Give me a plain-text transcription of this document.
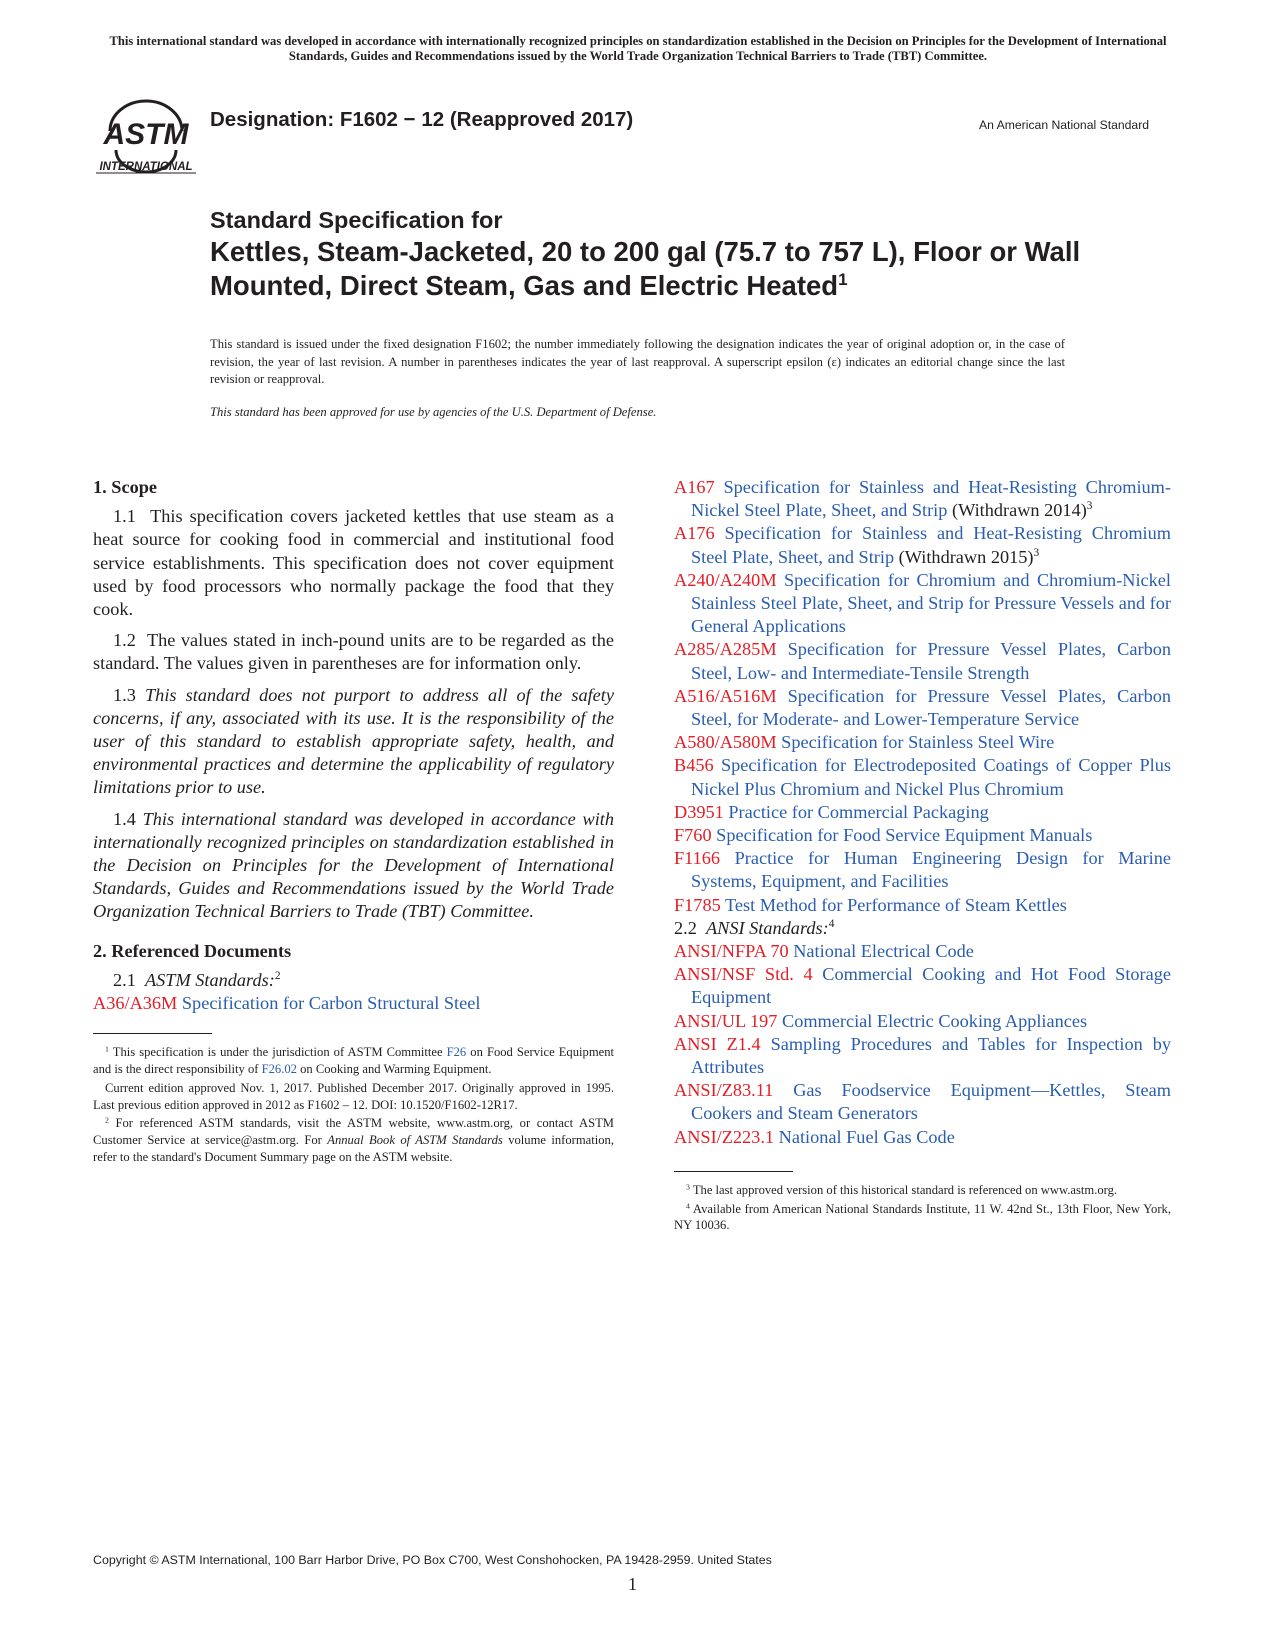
This international standard was developed in accordance with internationally recognized principles on standardization established in the Decision on Principles for the Development of International Standards, Guides and Recommendations issued by the World Trade Organization Technical Barriers to Trade (TBT) Committee.
ASTM
INTERNATIONAL
Designation: F1602 − 12 (Reapproved 2017)	An American National Standard
Standard Specification for
Kettles, Steam-Jacketed, 20 to 200 gal (75.7 to 757 L), Floor or Wall Mounted, Direct Steam, Gas and Electric Heated$^1$
This standard is issued under the fixed designation F1602; the number immediately following the designation indicates the year of original adoption or, in the case of revision, the year of last revision. A number in parentheses indicates the year of last reapproval. A superscript epsilon (ε) indicates an editorial change since the last revision or reapproval.
This standard has been approved for use by agencies of the U.S. Department of Defense.
1. Scope
1.1 This specification covers jacketed kettles that use steam as a heat source for cooking food in commercial and institutional food service establishments. This specification does not cover equipment used by food processors who normally package the food that they cook.
1.2 The values stated in inch-pound units are to be regarded as the standard. The values given in parentheses are for information only.
1.3 This standard does not purport to address all of the safety concerns, if any, associated with its use. It is the responsibility of the user of this standard to establish appropriate safety, health, and environmental practices and determine the applicability of regulatory limitations prior to use.
1.4 This international standard was developed in accordance with internationally recognized principles on standardization established in the Decision on Principles for the Development of International Standards, Guides and Recommendations issued by the World Trade Organization Technical Barriers to Trade (TBT) Committee.
2. Referenced Documents
2.1 ASTM Standards:$^2$
A36/A36M Specification for Carbon Structural Steel
$^1$ This specification is under the jurisdiction of ASTM Committee F26 on Food Service Equipment and is the direct responsibility of F26.02 on Cooking and Warming Equipment.
Current edition approved Nov. 1, 2017. Published December 2017. Originally approved in 1995. Last previous edition approved in 2012 as F1602 – 12. DOI: 10.1520/F1602-12R17.
$^2$ For referenced ASTM standards, visit the ASTM website, www.astm.org, or contact ASTM Customer Service at service@astm.org. For Annual Book of ASTM Standards volume information, refer to the standard's Document Summary page on the ASTM website.
A167 Specification for Stainless and Heat-Resisting Chromium-Nickel Steel Plate, Sheet, and Strip (Withdrawn 2014)$^3$
A176 Specification for Stainless and Heat-Resisting Chromium Steel Plate, Sheet, and Strip (Withdrawn 2015)$^3$
A240/A240M Specification for Chromium and Chromium-Nickel Stainless Steel Plate, Sheet, and Strip for Pressure Vessels and for General Applications
A285/A285M Specification for Pressure Vessel Plates, Carbon Steel, Low- and Intermediate-Tensile Strength
A516/A516M Specification for Pressure Vessel Plates, Carbon Steel, for Moderate- and Lower-Temperature Service
A580/A580M Specification for Stainless Steel Wire
B456 Specification for Electrodeposited Coatings of Copper Plus Nickel Plus Chromium and Nickel Plus Chromium
D3951 Practice for Commercial Packaging
F760 Specification for Food Service Equipment Manuals
F1166 Practice for Human Engineering Design for Marine Systems, Equipment, and Facilities
F1785 Test Method for Performance of Steam Kettles
2.2 ANSI Standards:$^4$
ANSI/NFPA 70 National Electrical Code
ANSI/NSF Std. 4 Commercial Cooking and Hot Food Storage Equipment
ANSI/UL 197 Commercial Electric Cooking Appliances
ANSI Z1.4 Sampling Procedures and Tables for Inspection by Attributes
ANSI/Z83.11 Gas Foodservice Equipment—Kettles, Steam Cookers and Steam Generators
ANSI/Z223.1 National Fuel Gas Code
$^3$ The last approved version of this historical standard is referenced on www.astm.org.
$^4$ Available from American National Standards Institute, 11 W. 42nd St., 13th Floor, New York, NY 10036.
Copyright © ASTM International, 100 Barr Harbor Drive, PO Box C700, West Conshohocken, PA 19428-2959. United States
1
